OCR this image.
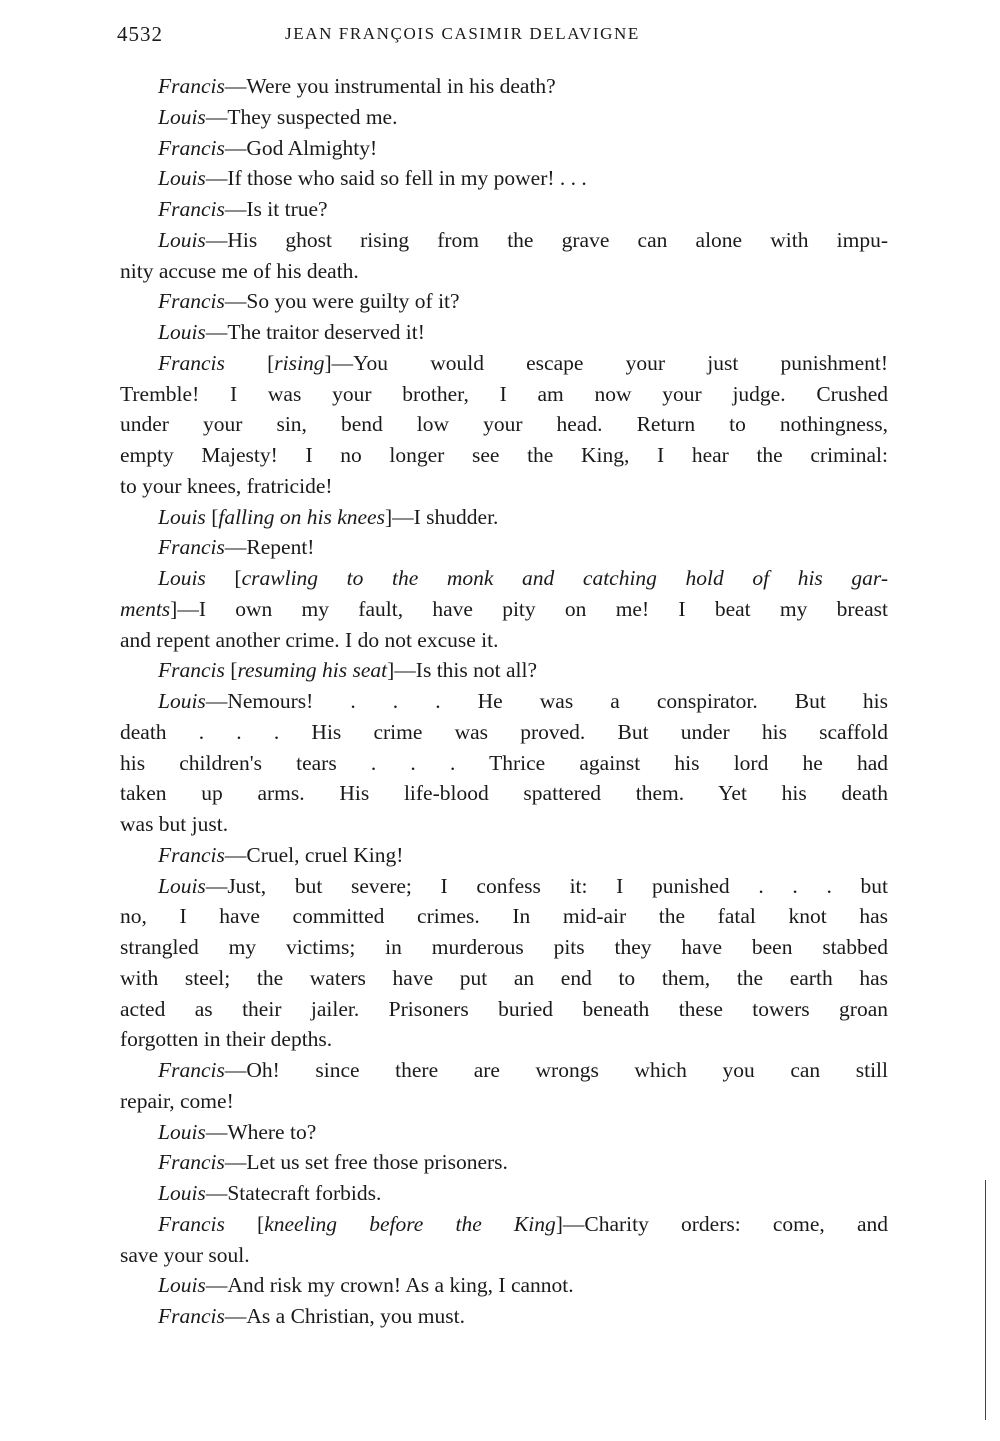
4532	JEAN FRANÇOIS CASIMIR DELAVIGNE
Francis—Were you instrumental in his death?
Louis—They suspected me.
Francis—God Almighty!
Louis—If those who said so fell in my power! . . .
Francis—Is it true?
Louis—His ghost rising from the grave can alone with impu-
nity accuse me of his death.
Francis—So you were guilty of it?
Louis—The traitor deserved it!
Francis [rising]—You would escape your just punishment!
Tremble! I was your brother, I am now your judge. Crushed
under your sin, bend low your head. Return to nothingness,
empty Majesty! I no longer see the King, I hear the criminal:
to your knees, fratricide!
Louis [falling on his knees]—I shudder.
Francis—Repent!
Louis [crawling to the monk and catching hold of his gar-
ments]—I own my fault, have pity on me! I beat my breast
and repent another crime. I do not excuse it.
Francis [resuming his seat]—Is this not all?
Louis—Nemours! . . . He was a conspirator. But his
death . . . His crime was proved. But under his scaffold
his children's tears . . . Thrice against his lord he had
taken up arms. His life-blood spattered them. Yet his death
was but just.
Francis—Cruel, cruel King!
Louis—Just, but severe; I confess it: I punished . . . but
no, I have committed crimes. In mid-air the fatal knot has
strangled my victims; in murderous pits they have been stabbed
with steel; the waters have put an end to them, the earth has
acted as their jailer. Prisoners buried beneath these towers groan
forgotten in their depths.
Francis—Oh! since there are wrongs which you can still
repair, come!
Louis—Where to?
Francis—Let us set free those prisoners.
Louis—Statecraft forbids.
Francis [kneeling before the King]—Charity orders: come, and
save your soul.
Louis—And risk my crown! As a king, I cannot.
Francis—As a Christian, you must.
